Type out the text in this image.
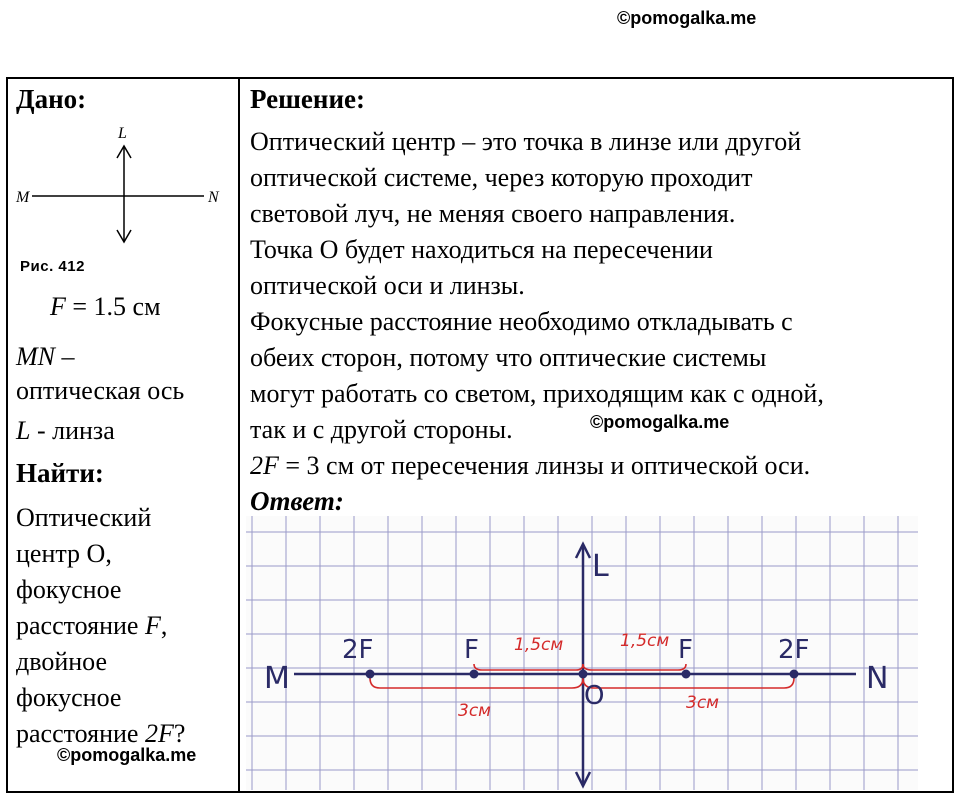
©pomogalka.me
Дано:
L
M	N
Рис. 412
F = 1.5 см
MN –
оптическая ось
L - линза
Найти:
Оптический
центр O,
фокусное
расстояние F,
двойное
фокусное
расстояние 2F?
©pomogalka.me
Решение:
Оптический центр – это точка в линзе или другой
оптической системе, через которую проходит
световой луч, не меняя своего направления.
Точка O будет находиться на пересечении
оптической оси и линзы.
Фокусные расстояние необходимо откладывать с
обеих сторон, потому что оптические системы
могут работать со светом, приходящим как с одной,
так и с другой стороны.
2F = 3 см от пересечения линзы и оптической оси.
©pomogalka.me
Ответ:
L
M	N
O
2F	F	F	2F
1,5см	1,5см
3см	3см
